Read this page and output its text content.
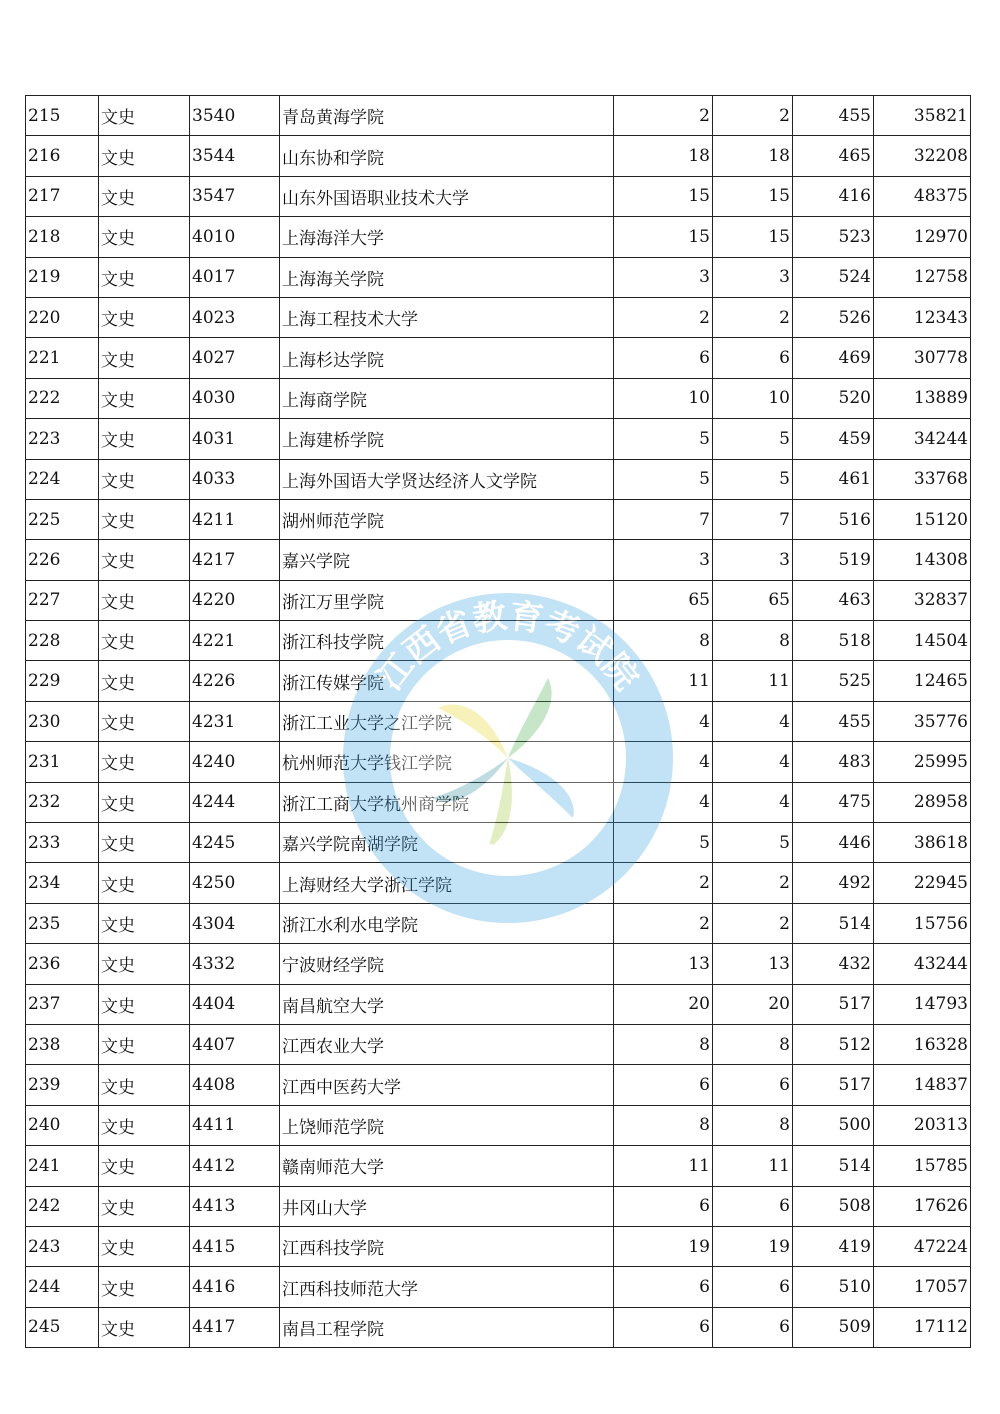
215	文史	3540	青岛黄海学院	2	2	455	35821
216	文史	3544	山东协和学院	18	18	465	32208
217	文史	3547	山东外国语职业技术大学	15	15	416	48375
218	文史	4010	上海海洋大学	15	15	523	12970
219	文史	4017	上海海关学院	3	3	524	12758
220	文史	4023	上海工程技术大学	2	2	526	12343
221	文史	4027	上海杉达学院	6	6	469	30778
222	文史	4030	上海商学院	10	10	520	13889
223	文史	4031	上海建桥学院	5	5	459	34244
224	文史	4033	上海外国语大学贤达经济人文学院	5	5	461	33768
225	文史	4211	湖州师范学院	7	7	516	15120
226	文史	4217	嘉兴学院	3	3	519	14308
227	文史	4220	浙江万里学院	65	65	463	32837
228	文史	4221	浙江科技学院	8	8	518	14504
229	文史	4226	浙江传媒学院	11	11	525	12465
230	文史	4231	浙江工业大学之江学院	4	4	455	35776
231	文史	4240	杭州师范大学钱江学院	4	4	483	25995
232	文史	4244	浙江工商大学杭州商学院	4	4	475	28958
233	文史	4245	嘉兴学院南湖学院	5	5	446	38618
234	文史	4250	上海财经大学浙江学院	2	2	492	22945
235	文史	4304	浙江水利水电学院	2	2	514	15756
236	文史	4332	宁波财经学院	13	13	432	43244
237	文史	4404	南昌航空大学	20	20	517	14793
238	文史	4407	江西农业大学	8	8	512	16328
239	文史	4408	江西中医药大学	6	6	517	14837
240	文史	4411	上饶师范学院	8	8	500	20313
241	文史	4412	赣南师范大学	11	11	514	15785
242	文史	4413	井冈山大学	6	6	508	17626
243	文史	4415	江西科技学院	19	19	419	47224
244	文史	4416	江西科技师范大学	6	6	510	17057
245	文史	4417	南昌工程学院	6	6	509	17112
江西省教育考试院
SNEEA
